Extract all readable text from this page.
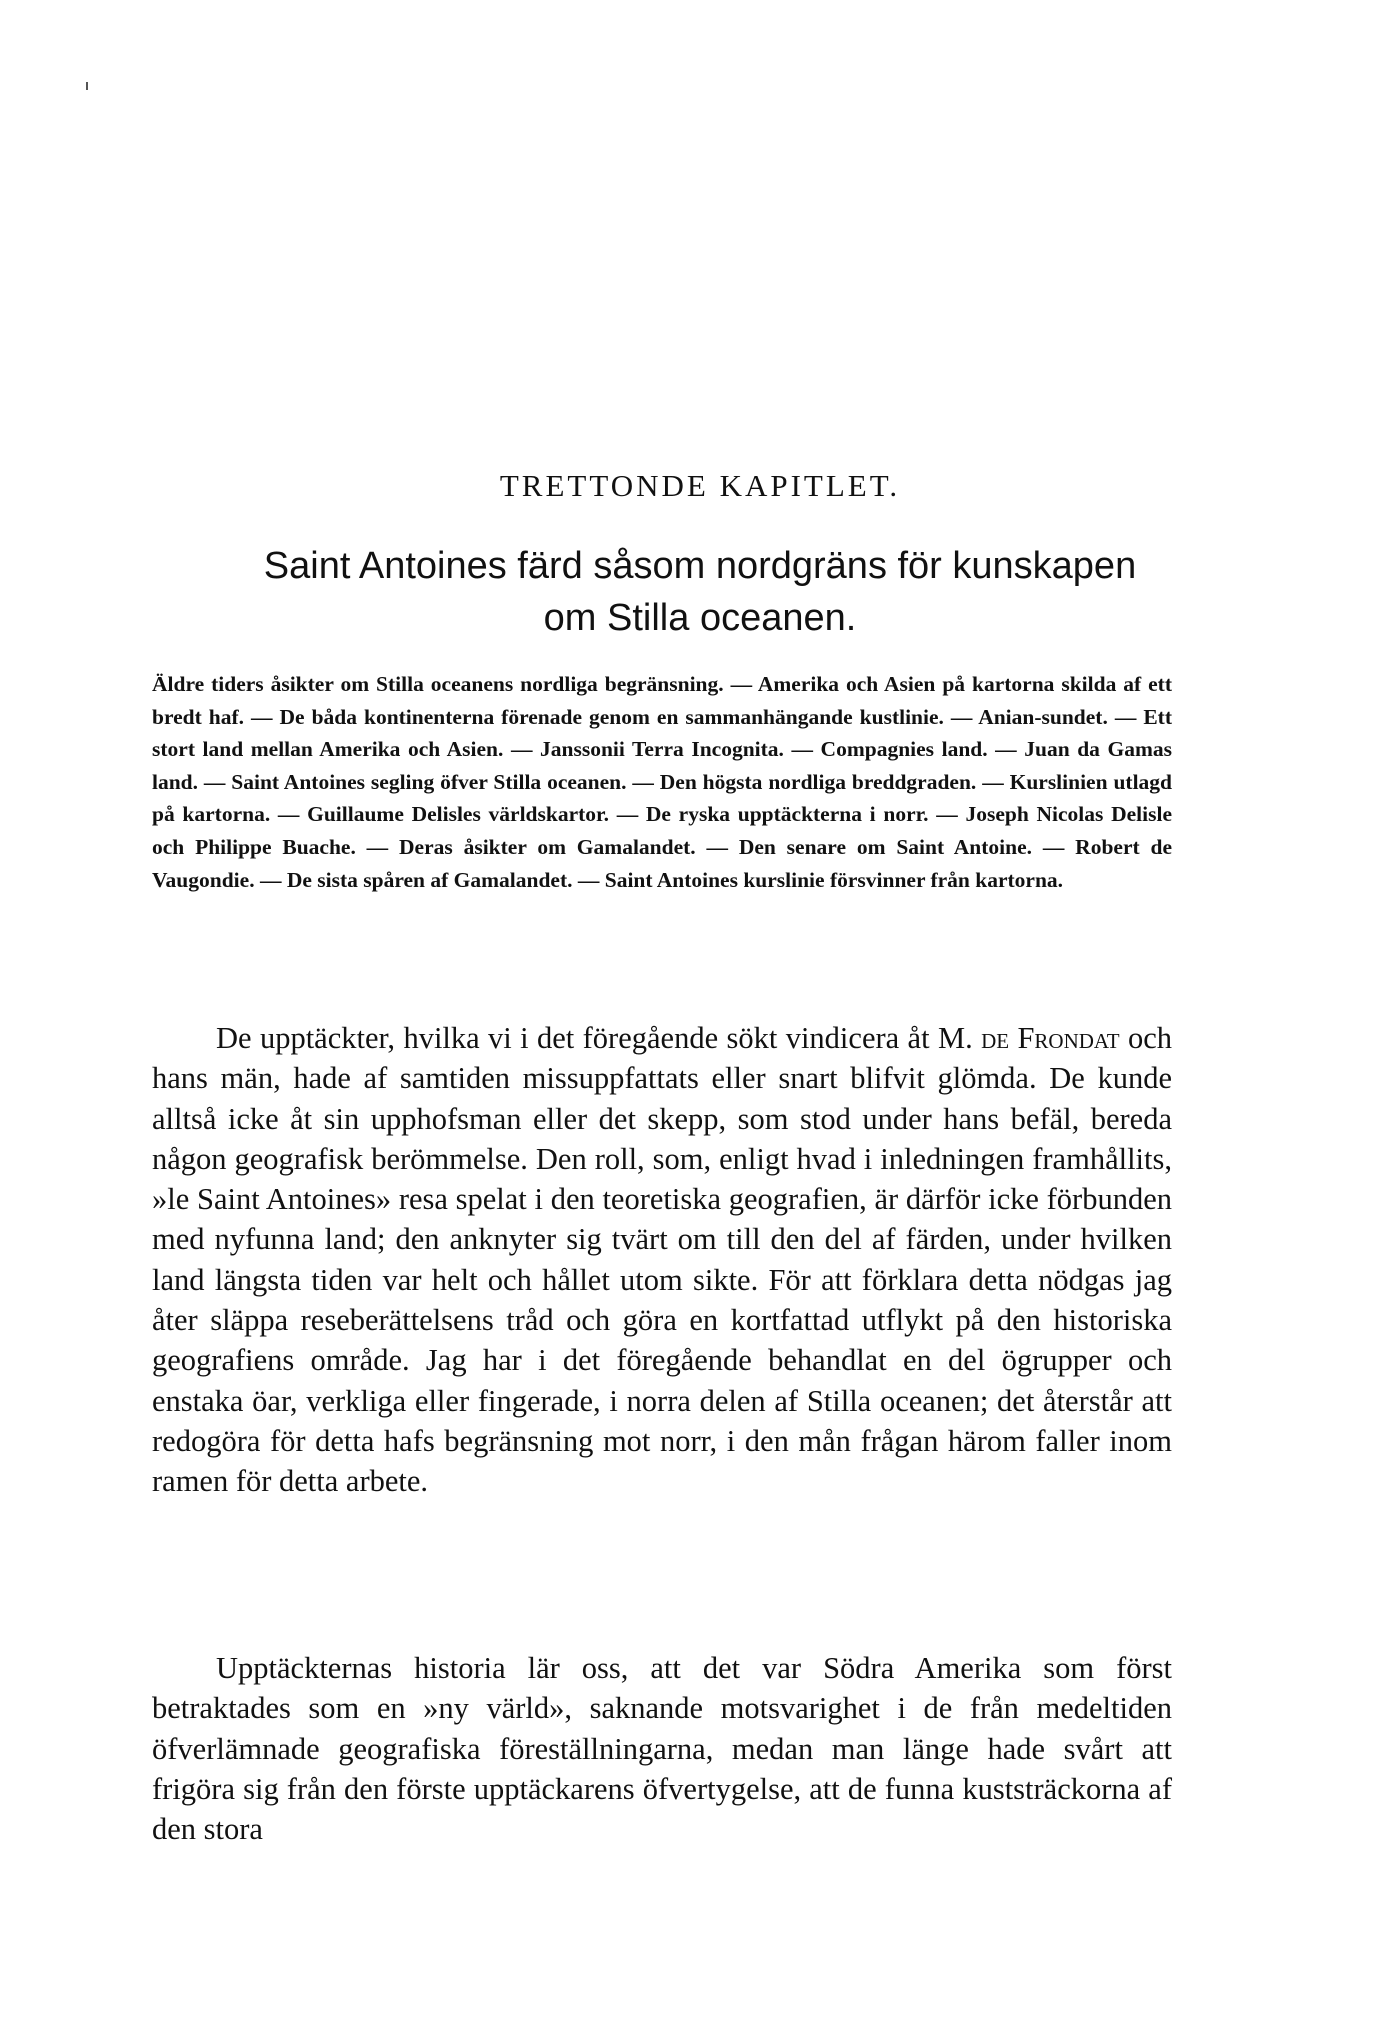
TRETTONDE KAPITLET.
Saint Antoines färd såsom nordgräns för kunskapen
om Stilla oceanen.

Äldre tiders åsikter om Stilla oceanens nordliga begränsning. — Amerika och Asien på kartorna skilda af ett bredt haf. — De båda kontinenterna förenade genom en sammanhängande kustlinie. — Anian-sundet. — Ett stort land mellan Amerika och Asien. — Janssonii Terra Incognita. — Compagnies land. — Juan da Gamas land. — Saint Antoines segling öfver Stilla oceanen. — Den högsta nordliga breddgraden. — Kurslinien utlagd på kartorna. — Guillaume Delisles världskartor. — De ryska upptäckterna i norr. — Joseph Nicolas Delisle och Philippe Buache. — Deras åsikter om Gamalandet. — Den senare om Saint Antoine. — Robert de Vaugondie. — De sista spåren af Gamalandet. — Saint Antoines kurslinie försvinner från kartorna.

De upptäckter, hvilka vi i det föregående sökt vindicera åt M. de Frondat och hans män, hade af samtiden missuppfattats eller snart blifvit glömda. De kunde alltså icke åt sin upphofsman eller det skepp, som stod under hans befäl, bereda någon geografisk berömmelse. Den roll, som, enligt hvad i inledningen framhållits, »le Saint Antoines» resa spelat i den teoretiska geografien, är därför icke förbunden med nyfunna land; den anknyter sig tvärt om till den del af färden, under hvilken land längsta tiden var helt och hållet utom sikte. För att förklara detta nödgas jag åter släppa reseberättelsens tråd och göra en kortfattad utflykt på den historiska geografiens område. Jag har i det föregående behandlat en del ögrupper och enstaka öar, verkliga eller fingerade, i norra delen af Stilla oceanen; det återstår att redogöra för detta hafs begränsning mot norr, i den mån frågan härom faller inom ramen för detta arbete.

Upptäckternas historia lär oss, att det var Södra Amerika som först betraktades som en »ny värld», saknande motsvarighet i de från medeltiden öfverlämnade geografiska föreställningarna, medan man länge hade svårt att frigöra sig från den förste upptäckarens öfvertygelse, att de funna kuststräckorna af den stora
